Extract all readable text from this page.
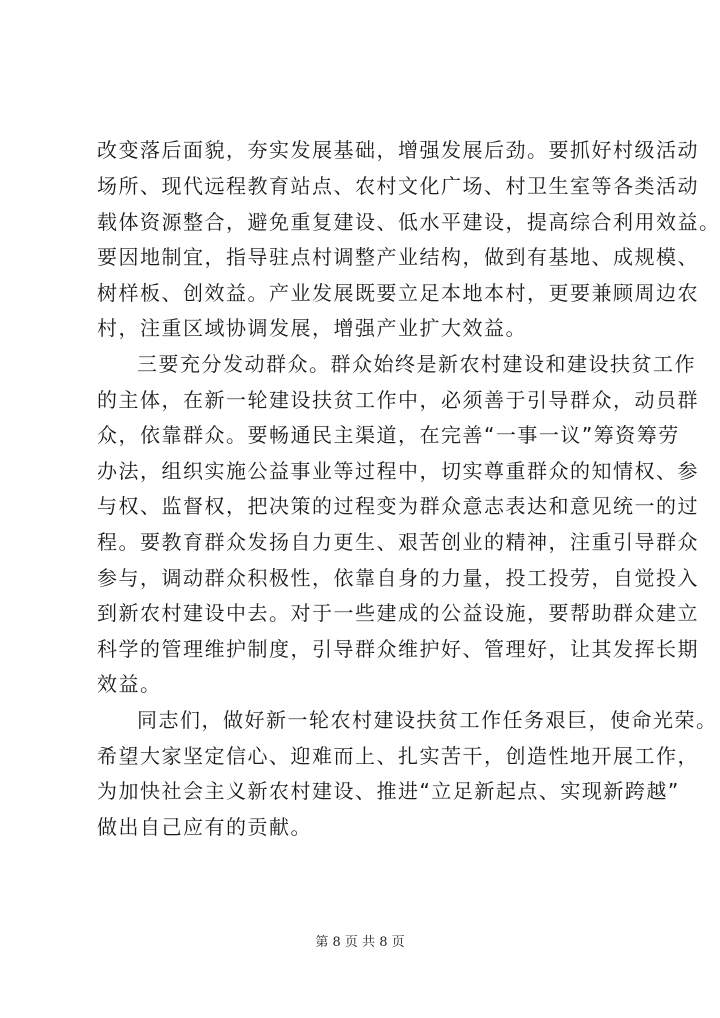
改变落后面貌，夯实发展基础，增强发展后劲。要抓好村级活动
场所、现代远程教育站点、农村文化广场、村卫生室等各类活动
载体资源整合，避免重复建设、低水平建设，提高综合利用效益。
要因地制宜，指导驻点村调整产业结构，做到有基地、成规模、
树样板、创效益。产业发展既要立足本地本村，更要兼顾周边农
村，注重区域协调发展，增强产业扩大效益。
三要充分发动群众。群众始终是新农村建设和建设扶贫工作
的主体，在新一轮建设扶贫工作中，必须善于引导群众，动员群
众，依靠群众。要畅通民主渠道，在完善“一事一议”筹资筹劳
办法，组织实施公益事业等过程中，切实尊重群众的知情权、参
与权、监督权，把决策的过程变为群众意志表达和意见统一的过
程。要教育群众发扬自力更生、艰苦创业的精神，注重引导群众
参与，调动群众积极性，依靠自身的力量，投工投劳，自觉投入
到新农村建设中去。对于一些建成的公益设施，要帮助群众建立
科学的管理维护制度，引导群众维护好、管理好，让其发挥长期
效益。
同志们，做好新一轮农村建设扶贫工作任务艰巨，使命光荣。
希望大家坚定信心、迎难而上、扎实苦干，创造性地开展工作，
为加快社会主义新农村建设、推进“立足新起点、实现新跨越”
做出自己应有的贡献。
第 8 页 共 8 页
